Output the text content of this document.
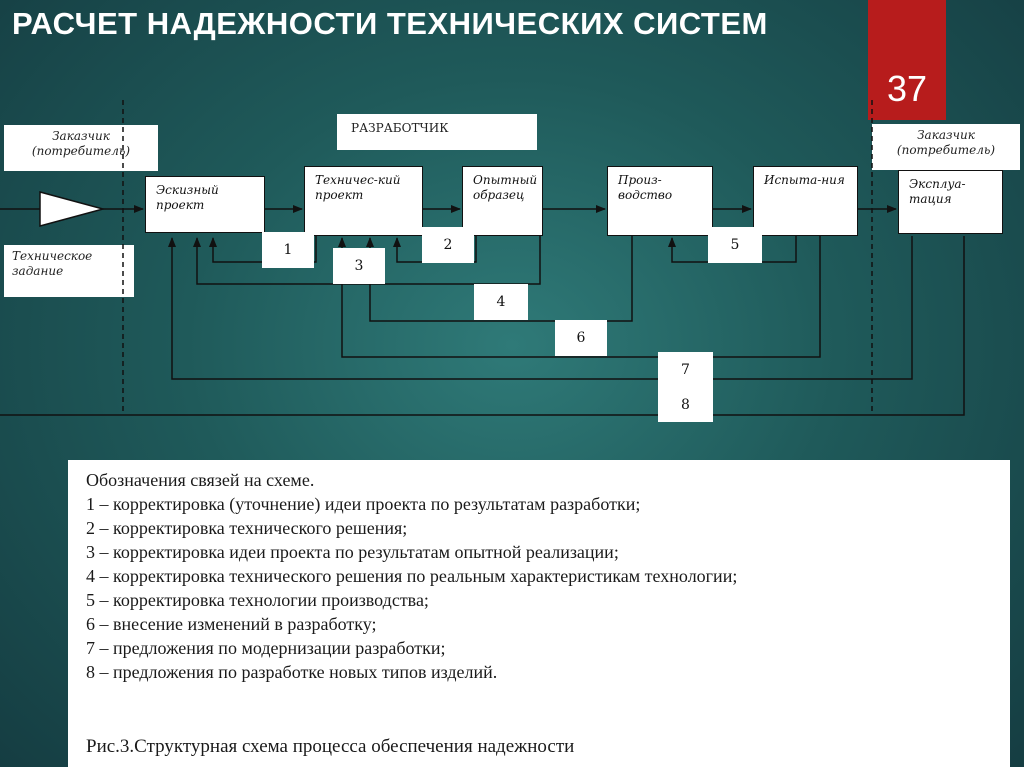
РАСЧЕТ НАДЕЖНОСТИ ТЕХНИЧЕСКИХ СИСТЕМ
37
Заказчик (потребитель)
Техническое задание
РАЗРАБОТЧИК	Заказчик (потребитель)
Эскизный проект
Техничес-кий проект
Опытный образец
Произ-водство
Испыта-ния	Эксплуа-тация
1	2
3
4
5
6
7
8
Обозначения связей на схеме.
1 – корректировка (уточнение) идеи проекта по результатам разработки;
2 – корректировка технического решения;
3 – корректировка идеи проекта по результатам опытной реализации;
4 – корректировка технического решения по реальным характеристикам технологии;
5 – корректировка технологии производства;
6 – внесение изменений в разработку;
7 – предложения по модернизации разработки;
8 – предложения по разработке новых типов изделий.
Рис.3.Структурная схема процесса обеспечения надежности
